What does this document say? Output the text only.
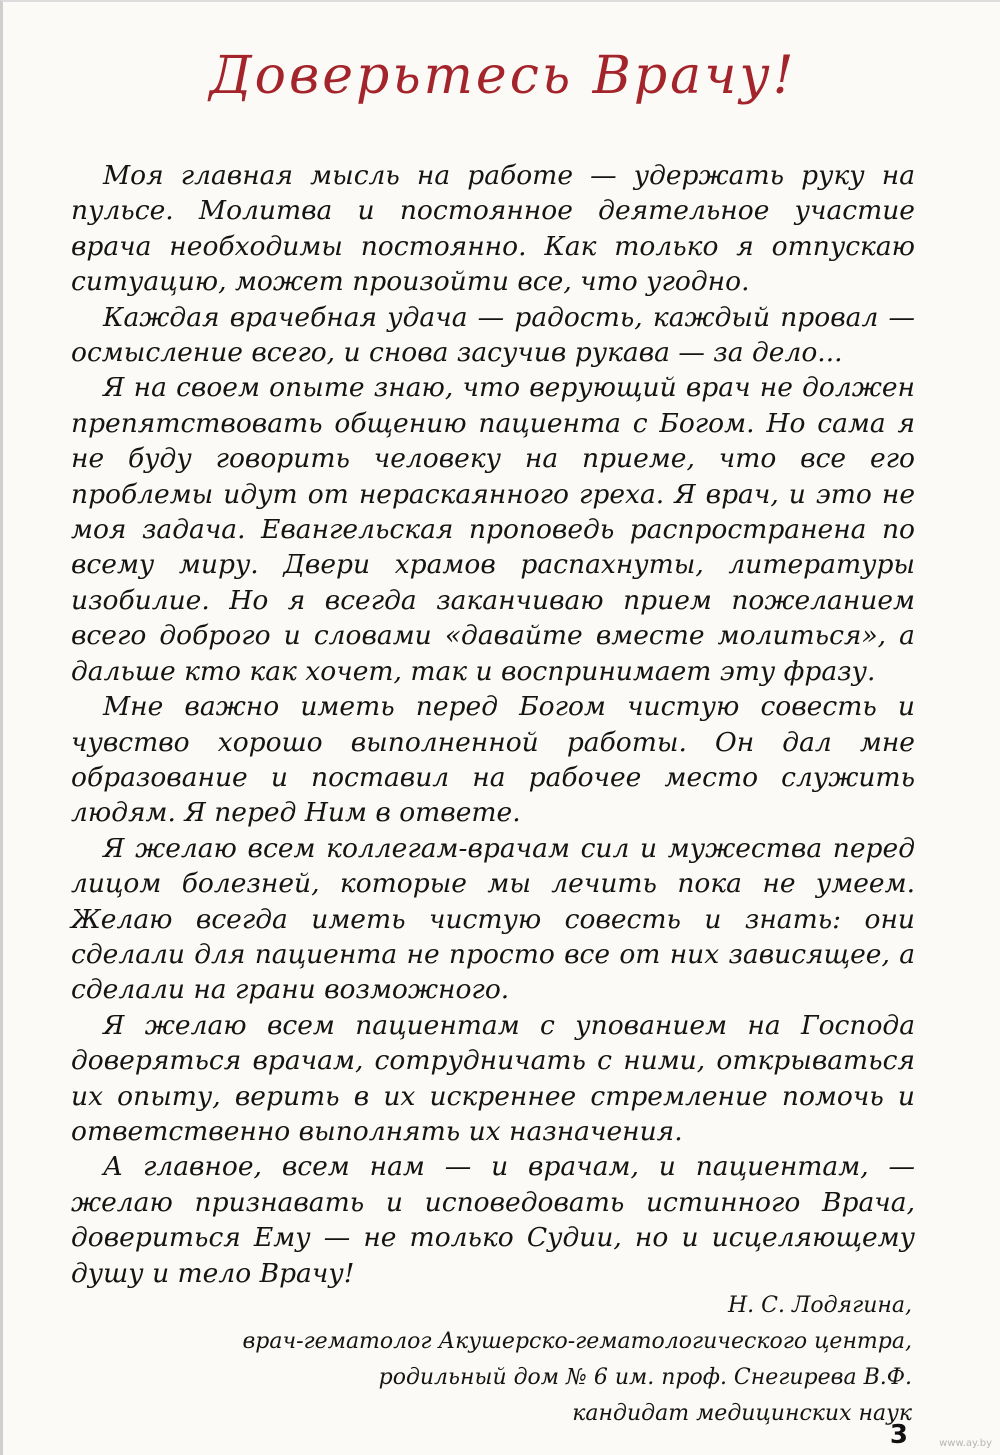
Доверьтесь Врачу!

Моя главная мысль на работе — удержать руку на пульсе. Молитва и постоянное деятельное участие врача необходимы постоянно. Как только я отпускаю ситуацию, может произойти все, что угодно.

Каждая врачебная удача — радость, каждый провал — осмысление всего, и снова засучив рукава — за дело...

Я на своем опыте знаю, что верующий врач не должен препятствовать общению пациента с Богом. Но сама я не буду говорить человеку на приеме, что все его проблемы идут от нераскаянного греха. Я врач, и это не моя задача. Евангельская проповедь распространена по всему миру. Двери храмов распахнуты, литературы изобилие. Но я всегда заканчиваю прием пожеланием всего доброго и словами «давайте вместе молиться», а дальше кто как хочет, так и воспринимает эту фразу.

Мне важно иметь перед Богом чистую совесть и чувство хорошо выполненной работы. Он дал мне образование и поставил на рабочее место служить людям. Я перед Ним в ответе.

Я желаю всем коллегам-врачам сил и мужества перед лицом болезней, которые мы лечить пока не умеем. Желаю всегда иметь чистую совесть и знать: они сделали для пациента не просто все от них зависящее, а сделали на грани возможного.

Я желаю всем пациентам с упованием на Господа доверяться врачам, сотрудничать с ними, открываться их опыту, верить в их искреннее стремление помочь и ответственно выполнять их назначения.

А главное, всем нам — и врачам, и пациентам, — желаю признавать и исповедовать истинного Врача, довериться Ему — не только Судии, но и исцеляющему душу и тело Врачу!

Н. С. Лодягина,
врач-гематолог Акушерско-гематологического центра,
родильный дом № 6 им. проф. Снегирева В.Ф.
кандидат медицинских наук
3	www.ay.by
